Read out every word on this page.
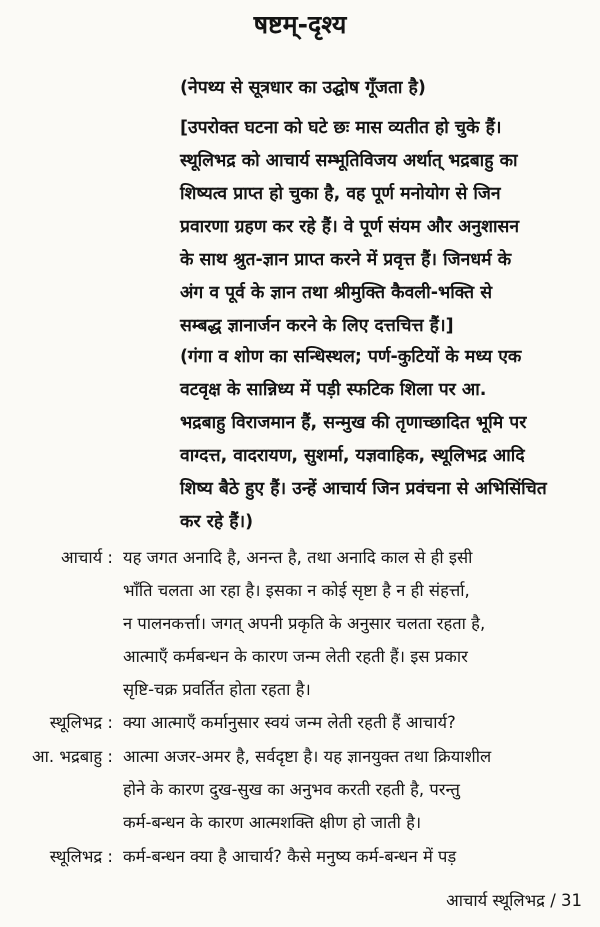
षष्टम्-दृश्य
(नेपथ्य से सूत्रधार का उद्घोष गूँजता है)
[उपरोक्त घटना को घटे छः मास व्यतीत हो चुके हैं।
स्थूलिभद्र को आचार्य सम्भूतिविजय अर्थात् भद्रबाहु का
शिष्यत्व प्राप्त हो चुका है, वह पूर्ण मनोयोग से जिन
प्रवारणा ग्रहण कर रहे हैं। वे पूर्ण संयम और अनुशासन
के साथ श्रुत-ज्ञान प्राप्त करने में प्रवृत्त हैं। जिनधर्म के
अंग व पूर्व के ज्ञान तथा श्रीमुक्ति कैवली-भक्ति से
सम्बद्ध ज्ञानार्जन करने के लिए दत्तचित्त हैं।]
(गंगा व शोण का सन्धिस्थल; पर्ण-कुटियों के मध्य एक
वटवृक्ष के सान्निध्य में पड़ी स्फटिक शिला पर आ.
भद्रबाहु विराजमान हैं, सन्मुख की तृणाच्छादित भूमि पर
वाग्दत्त, वादरायण, सुशर्मा, यज्ञवाहिक, स्थूलिभद्र आदि
शिष्य बैठे हुए हैं। उन्हें आचार्य जिन प्रवंचना से अभिसिंचित
कर रहे हैं।)
आचार्य : यह जगत अनादि है, अनन्त है, तथा अनादि काल से ही इसी
भाँति चलता आ रहा है। इसका न कोई सृष्टा है न ही संहर्त्ता,
न पालनकर्त्ता। जगत् अपनी प्रकृति के अनुसार चलता रहता है,
आत्माएँ कर्मबन्धन के कारण जन्म लेती रहती हैं। इस प्रकार
सृष्टि-चक्र प्रवर्तित होता रहता है।
स्थूलिभद्र : क्या आत्माएँ कर्मानुसार स्वयं जन्म लेती रहती हैं आचार्य?
आ. भद्रबाहु : आत्मा अजर-अमर है, सर्वदृष्टा है। यह ज्ञानयुक्त तथा क्रियाशील
होने के कारण दुख-सुख का अनुभव करती रहती है, परन्तु
कर्म-बन्धन के कारण आत्मशक्ति क्षीण हो जाती है।
स्थूलिभद्र : कर्म-बन्धन क्या है आचार्य? कैसे मनुष्य कर्म-बन्धन में पड़
आचार्य स्थूलिभद्र / 31
